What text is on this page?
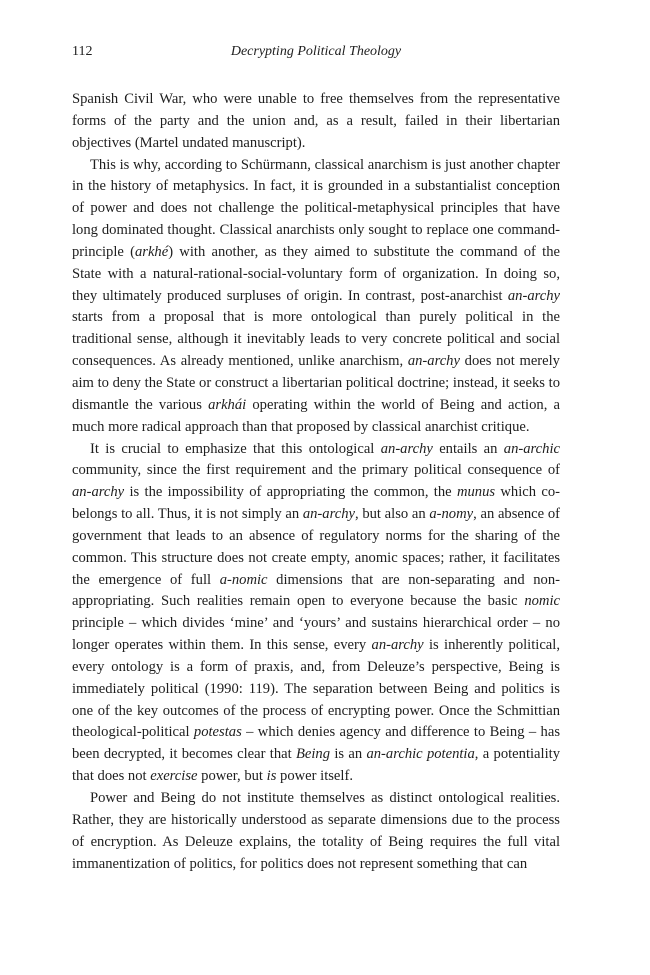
112	Decrypting Political Theology

Spanish Civil War, who were unable to free themselves from the representative forms of the party and the union and, as a result, failed in their libertarian objectives (Martel undated manuscript).

This is why, according to Schürmann, classical anarchism is just another chapter in the history of metaphysics. In fact, it is grounded in a substantialist conception of power and does not challenge the political-metaphysical principles that have long dominated thought. Classical anarchists only sought to replace one command-principle (arkhé) with another, as they aimed to substitute the command of the State with a natural-rational-social-voluntary form of organization. In doing so, they ultimately produced surpluses of origin. In contrast, post-anarchist an-archy starts from a proposal that is more ontological than purely political in the traditional sense, although it inevitably leads to very concrete political and social consequences. As already mentioned, unlike anarchism, an-archy does not merely aim to deny the State or construct a libertarian political doctrine; instead, it seeks to dismantle the various arkhái operating within the world of Being and action, a much more radical approach than that proposed by classical anarchist critique.

It is crucial to emphasize that this ontological an-archy entails an an-archic community, since the first requirement and the primary political consequence of an-archy is the impossibility of appropriating the common, the munus which co-belongs to all. Thus, it is not simply an an-archy, but also an a-nomy, an absence of government that leads to an absence of regulatory norms for the sharing of the common. This structure does not create empty, anomic spaces; rather, it facilitates the emergence of full a-nomic dimensions that are non-separating and non-appropriating. Such realities remain open to everyone because the basic nomic principle – which divides ‘mine’ and ‘yours’ and sustains hierarchical order – no longer operates within them. In this sense, every an-archy is inherently political, every ontology is a form of praxis, and, from Deleuze’s perspective, Being is immediately political (1990: 119). The separation between Being and politics is one of the key outcomes of the process of encrypting power. Once the Schmittian theological-political potestas – which denies agency and difference to Being – has been decrypted, it becomes clear that Being is an an-archic potentia, a potentiality that does not exercise power, but is power itself.

Power and Being do not institute themselves as distinct ontological realities. Rather, they are historically understood as separate dimensions due to the process of encryption. As Deleuze explains, the totality of Being requires the full vital immanentization of politics, for politics does not represent something that can
